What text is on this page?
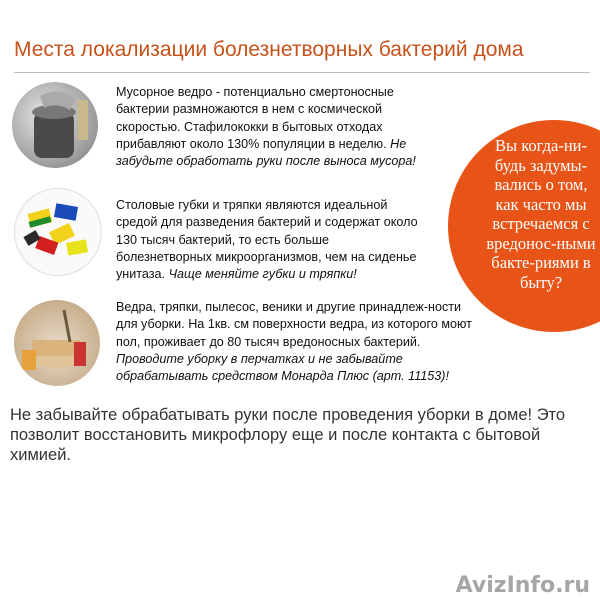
Места локализации болезнетворных бактерий дома
Мусорное ведро - потенциально смертоносные бактерии размножаются в нем с космической скоростью. Стафилококки в бытовых отходах прибавляют около 130% популяции в неделю. Не забудьте обработать руки после выноса мусора!
Столовые губки и тряпки являются идеальной средой для разведения бактерий и содержат около 130 тысяч бактерий, то есть больше болезнетворных микроорганизмов, чем на сиденье унитаза. Чаще меняйте губки и тряпки!
Ведра, тряпки, пылесос, веники и другие принадлеж-ности для уборки. На 1кв. см поверхности ведра, из которого моют пол, проживает до 80 тысяч вредоносных бактерий. Проводите уборку в перчатках и не забывайте обрабатывать средством Монарда Плюс (арт. 11153)!
Вы когда-ни-будь задумы-вались о том, как часто мы встречаемся с вредонос-ными бакте-риями в быту?
Не забывайте обрабатывать руки после проведения уборки в доме! Это позволит восстановить микрофлору еще и после контакта с бытовой химией.
AvizInfo.ru
